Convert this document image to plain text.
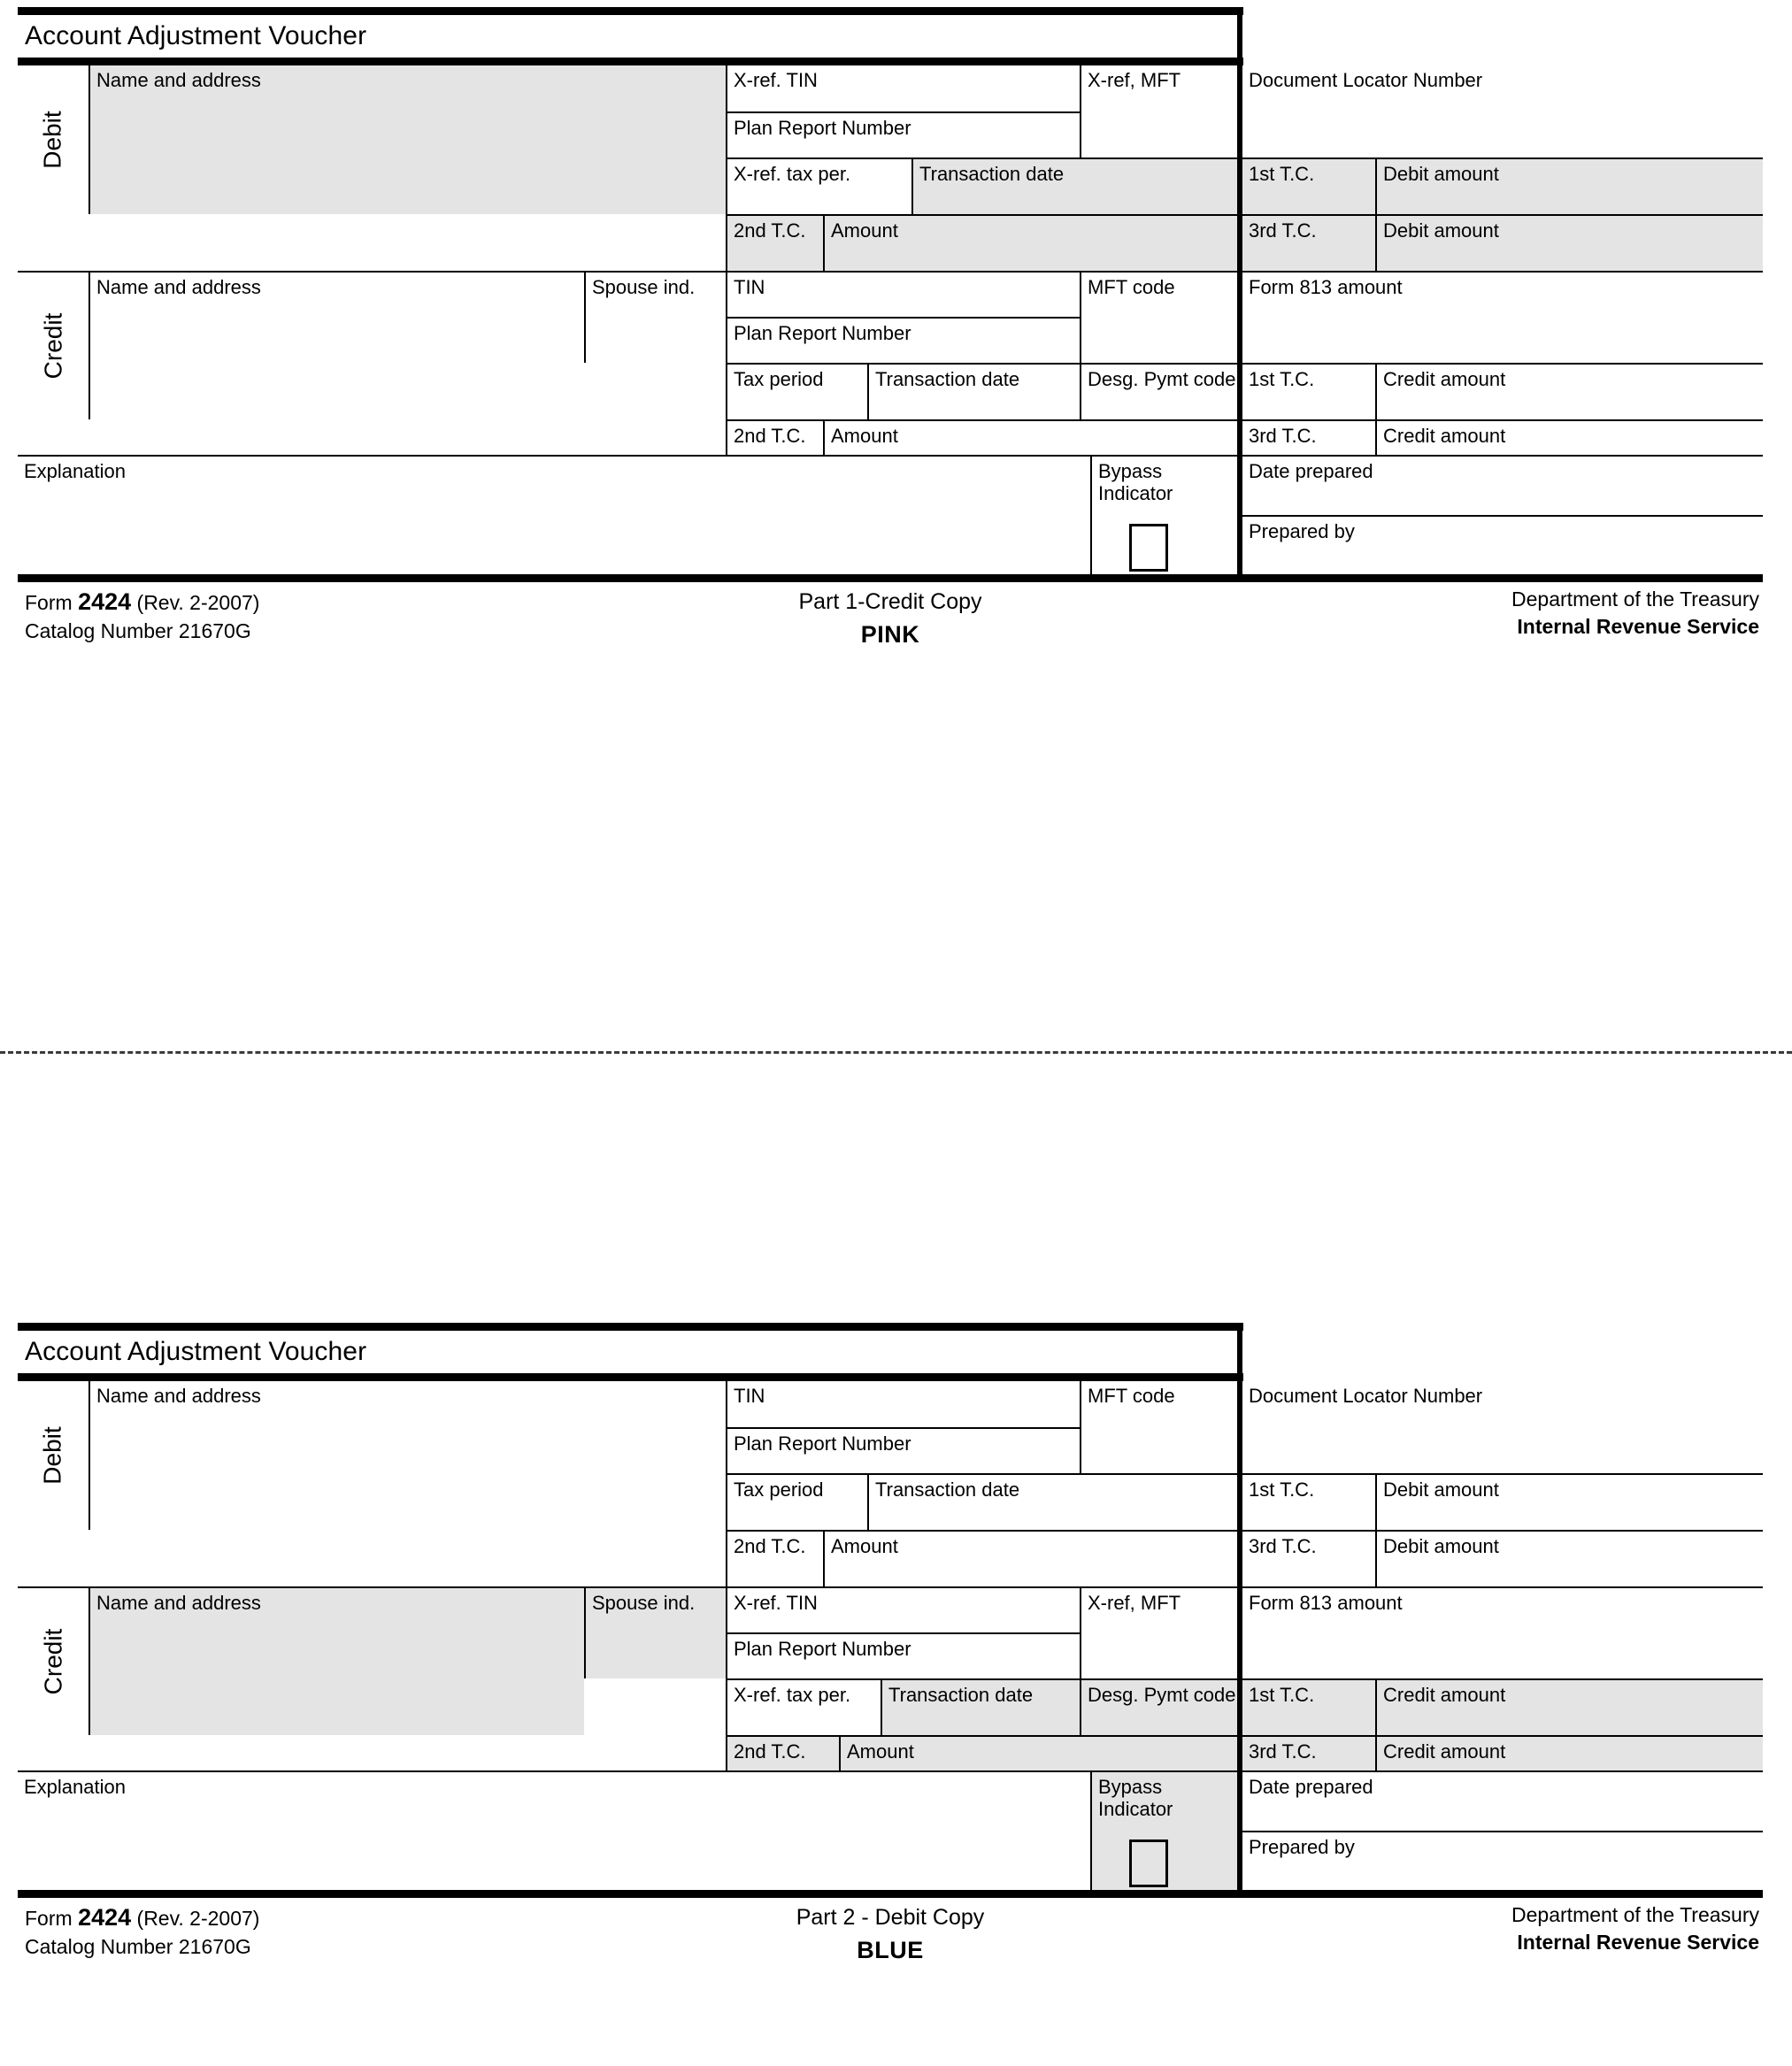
Account Adjustment Voucher
Debit
Name and address	X-ref. TIN
Plan Report Number
X-ref, MFT
X-ref. tax per.	Transaction date
2nd T.C.	Amount
Document Locator Number
1st T.C.	Debit amount
3rd T.C.	Debit amount
Credit
Name and address	Spouse ind.	TIN
Plan Report Number
MFT code
Tax period	Transaction date	Desg. Pymt code
2nd T.C.	Amount
Form 813 amount
1st T.C.	Credit amount
3rd T.C.	Credit amount
Explanation	Bypass Indicator
Date prepared
Prepared by
Form 2424 (Rev. 2-2007)
Catalog Number 21670G
Part 1-Credit Copy
PINK
Department of the Treasury
Internal Revenue Service
Account Adjustment Voucher
Debit
Name and address	TIN
Plan Report Number
MFT code
Tax period	Transaction date
2nd T.C.	Amount
Document Locator Number
1st T.C.	Debit amount
3rd T.C.	Debit amount
Credit
Name and address	Spouse ind.	X-ref. TIN
Plan Report Number
X-ref, MFT
X-ref. tax per.	Transaction date	Desg. Pymt code
2nd T.C.	Amount
Form 813 amount
1st T.C.	Credit amount
3rd T.C.	Credit amount
Explanation	Bypass Indicator
Date prepared
Prepared by
Form 2424 (Rev. 2-2007)
Catalog Number 21670G
Part 2 - Debit Copy
BLUE
Department of the Treasury
Internal Revenue Service
